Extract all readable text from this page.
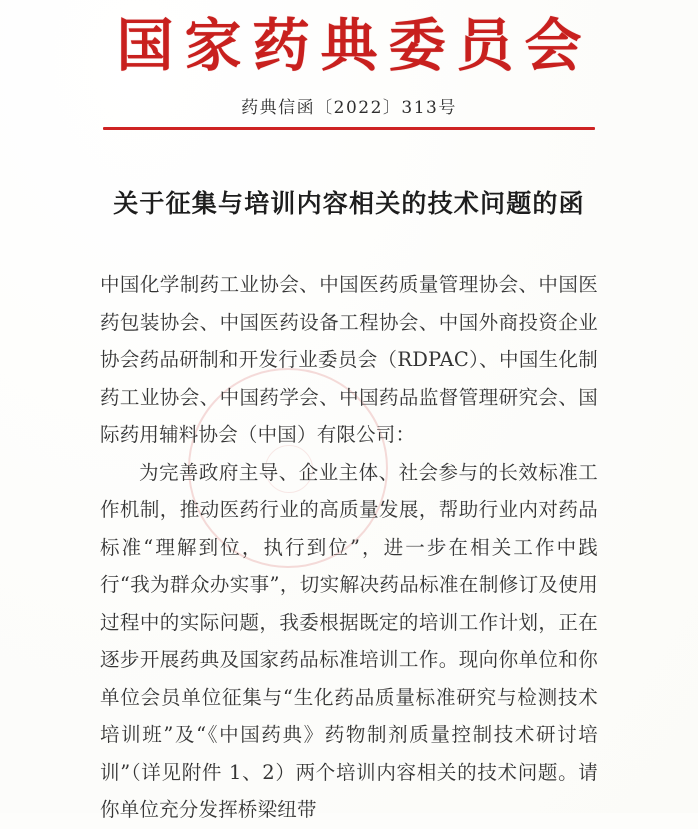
国家药典委员会
药典信函〔2022〕313号
关于征集与培训内容相关的技术问题的函

中国化学制药工业协会、中国医药质量管理协会、中国医药包装协会、中国医药设备工程协会、中国外商投资企业协会药品研制和开发行业委员会（RDPAC）、中国生化制药工业协会、中国药学会、中国药品监督管理研究会、国际药用辅料协会（中国）有限公司：

为完善政府主导、企业主体、社会参与的长效标准工作机制，推动医药行业的高质量发展，帮助行业内对药品标准“理解到位，执行到位”，进一步在相关工作中践行“我为群众办实事”，切实解决药品标准在制修订及使用过程中的实际问题，我委根据既定的培训工作计划，正在逐步开展药典及国家药品标准培训工作。现向你单位和你单位会员单位征集与“生化药品质量标准研究与检测技术培训班”及“《中国药典》药物制剂质量控制技术研讨培训”（详见附件 1、2）两个培训内容相关的技术问题。请你单位充分发挥桥梁纽带
